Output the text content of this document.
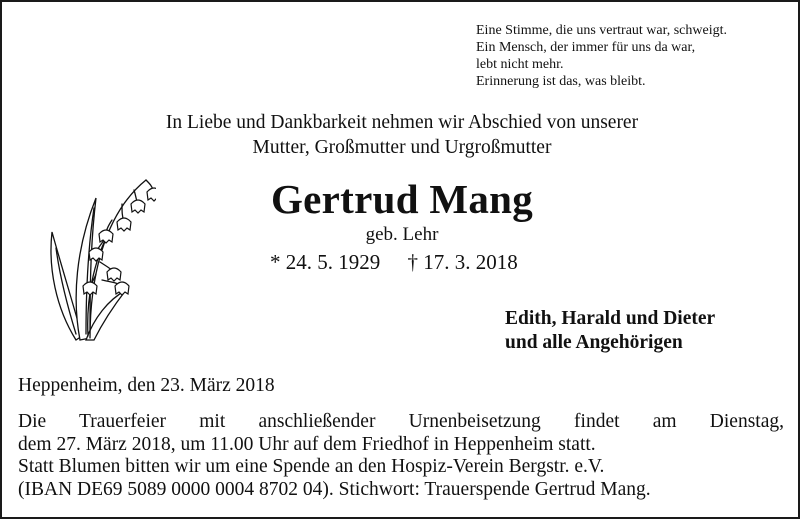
Eine Stimme, die uns vertraut war, schweigt.
Ein Mensch, der immer für uns da war,
lebt nicht mehr.
Erinnerung ist das, was bleibt.
In Liebe und Dankbarkeit nehmen wir Abschied von unserer
Mutter, Großmutter und Urgroßmutter
Gertrud Mang
geb. Lehr
* 24. 5. 1929 † 17. 3. 2018
Edith, Harald und Dieter
und alle Angehörigen
Heppenheim, den 23. März 2018
Die Trauerfeier mit anschließender Urnenbeisetzung findet am Dienstag,
dem 27. März 2018, um 11.00 Uhr auf dem Friedhof in Heppenheim statt.
Statt Blumen bitten wir um eine Spende an den Hospiz-Verein Bergstr. e.V.
(IBAN DE69 5089 0000 0004 8702 04). Stichwort: Trauerspende Gertrud Mang.
